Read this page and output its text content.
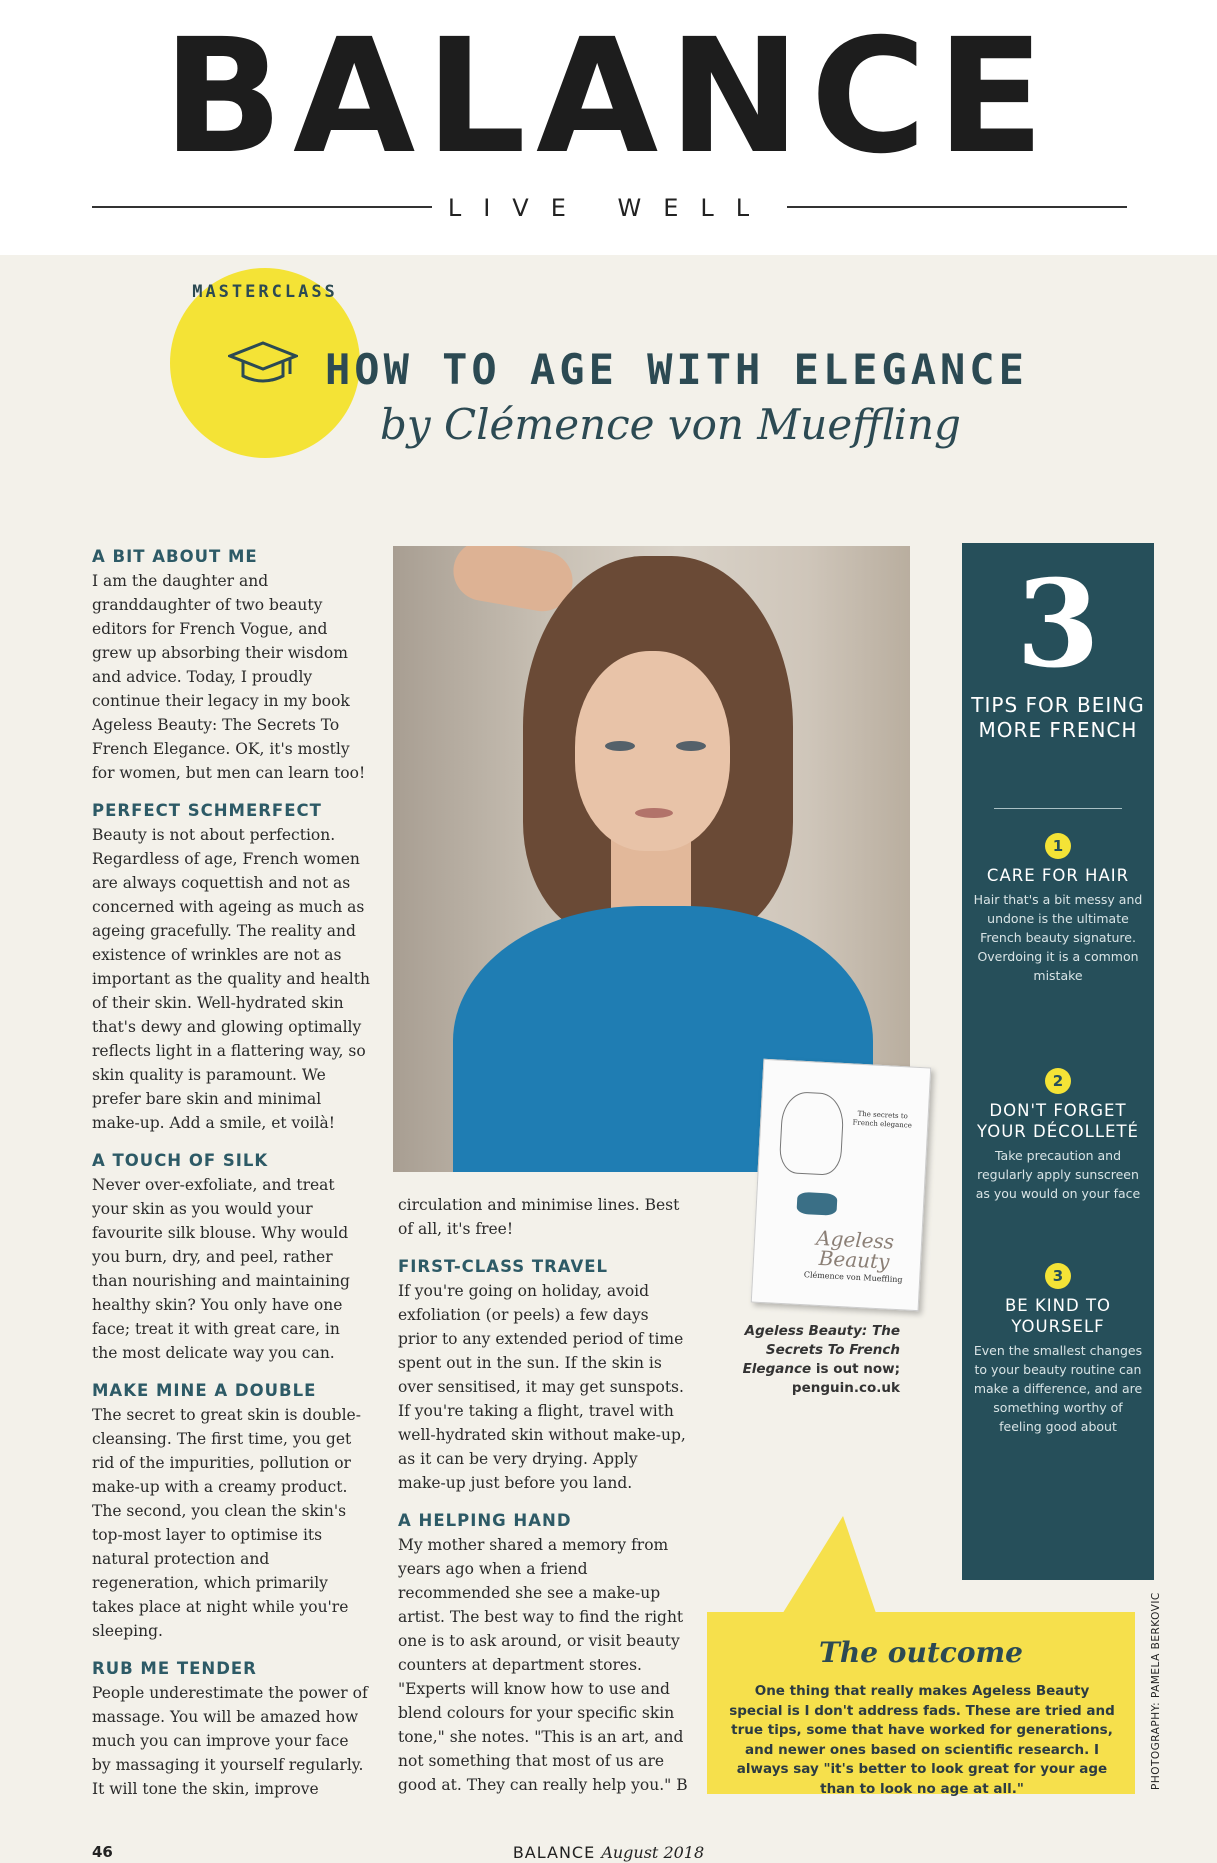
BALANCE
LIVE WELL
MASTERCLASS
HOW TO AGE WITH ELEGANCE
by Clémence von Mueffling
A BIT ABOUT ME

I am the daughter and granddaughter of two beauty editors for French Vogue, and grew up absorbing their wisdom and advice. Today, I proudly continue their legacy in my book Ageless Beauty: The Secrets To French Elegance. OK, it's mostly for women, but men can learn too!

PERFECT SCHMERFECT

Beauty is not about perfection. Regardless of age, French women are always coquettish and not as concerned with ageing as much as ageing gracefully. The reality and existence of wrinkles are not as important as the quality and health of their skin. Well-hydrated skin that's dewy and glowing optimally reflects light in a flattering way, so skin quality is paramount. We prefer bare skin and minimal make-up. Add a smile, et voilà!

A TOUCH OF SILK

Never over-exfoliate, and treat your skin as you would your favourite silk blouse. Why would you burn, dry, and peel, rather than nourishing and maintaining healthy skin? You only have one face; treat it with great care, in the most delicate way you can.

MAKE MINE A DOUBLE

The secret to great skin is double-cleansing. The first time, you get rid of the impurities, pollution or make-up with a creamy product. The second, you clean the skin's top-most layer to optimise its natural protection and regeneration, which primarily takes place at night while you're sleeping.

RUB ME TENDER

People underestimate the power of massage. You will be amazed how much you can improve your face by massaging it yourself regularly. It will tone the skin, improve

circulation and minimise lines. Best of all, it's free!

FIRST-CLASS TRAVEL

If you're going on holiday, avoid exfoliation (or peels) a few days prior to any extended period of time spent out in the sun. If the skin is over sensitised, it may get sunspots. If you're taking a flight, travel with well-hydrated skin without make-up, as it can be very drying. Apply make-up just before you land.

A HELPING HAND

My mother shared a memory from years ago when a friend recommended she see a make-up artist. The best way to find the right one is to ask around, or visit beauty counters at department stores. "Experts will know how to use and blend colours for your specific skin tone," she notes. "This is an art, and not something that most of us are good at. They can really help you." B

The secrets to French elegance
Ageless Beauty
Clémence von Mueffling
Ageless Beauty: The Secrets To French Elegance is out now; penguin.co.uk
3
TIPS FOR BEING MORE FRENCH
1
CARE FOR HAIR
Hair that's a bit messy and undone is the ultimate French beauty signature. Overdoing it is a common mistake
2
DON'T FORGET YOUR DÉCOLLETÉ
Take precaution and regularly apply sunscreen as you would on your face
3
BE KIND TO YOURSELF
Even the smallest changes to your beauty routine can make a difference, and are something worthy of feeling good about
The outcome

One thing that really makes Ageless Beauty special is I don't address fads. These are tried and true tips, some that have worked for generations, and newer ones based on scientific research. I always say "it's better to look great for your age than to look no age at all."	PHOTOGRAPHY: PAMELA BERKOVIC
46	BALANCE August 2018
